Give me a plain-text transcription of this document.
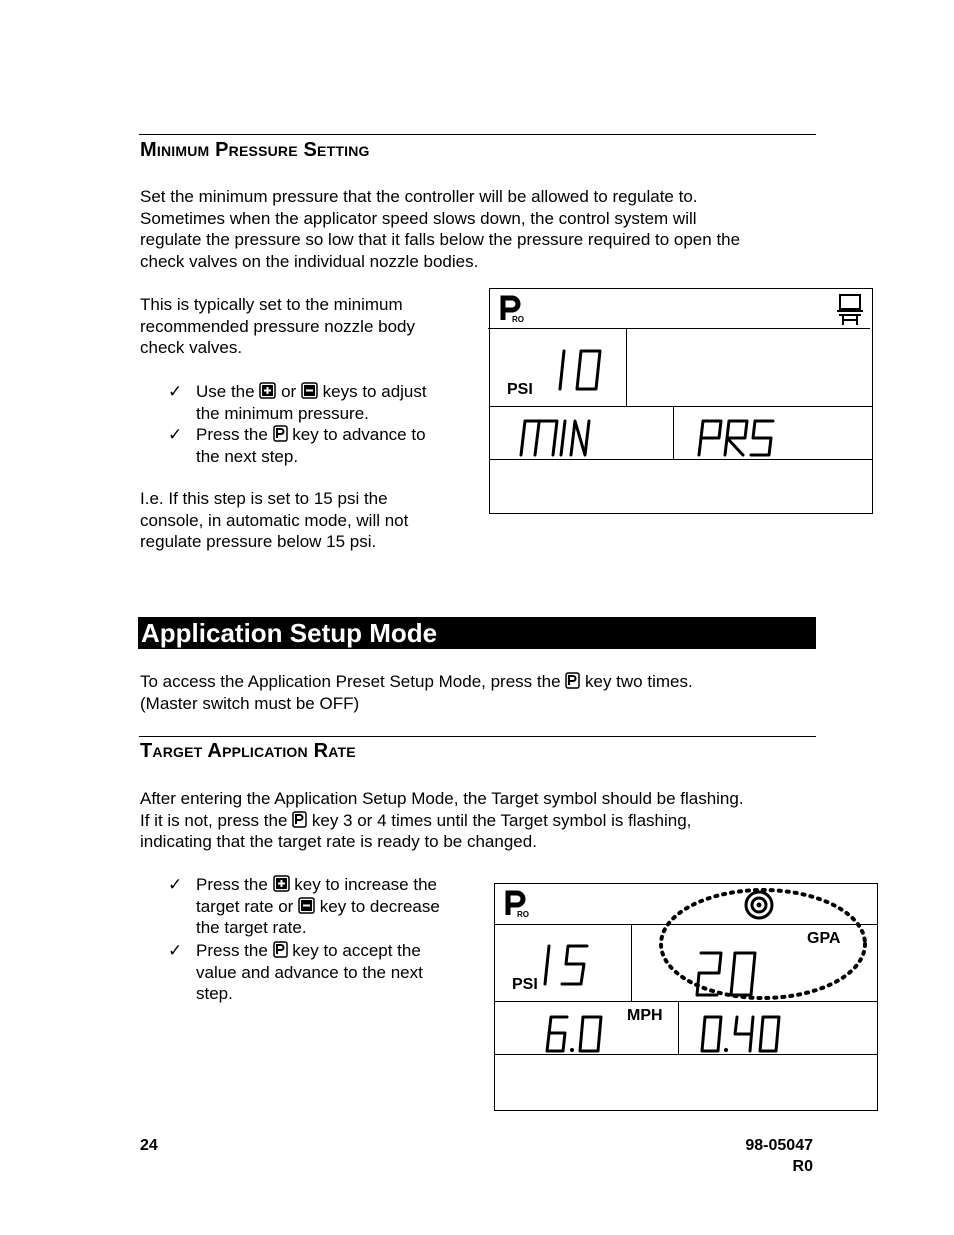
Minimum Pressure Setting
Set the minimum pressure that the controller will be allowed to regulate to.
Sometimes when the applicator speed slows down, the control system will
regulate the pressure so low that it falls below the pressure required to open the
check valves on the individual nozzle bodies.
This is typically set to the minimum
recommended pressure nozzle body
check valves.
✓ Use the or keys to adjust
the minimum pressure.
✓ Press the key to advance to
the next step.
I.e. If this step is set to 15 psi the
console, in automatic mode, will not
regulate pressure below 15 psi.
RO
PSI
Application Setup Mode
To access the Application Preset Setup Mode, press the key two times.
(Master switch must be OFF)
Target Application Rate
After entering the Application Setup Mode, the Target symbol should be flashing.
If it is not, press the key 3 or 4 times until the Target symbol is flashing,
indicating that the target rate is ready to be changed.
✓ Press the key to increase the
target rate or key to decrease
the target rate.
✓ Press the key to accept the
value and advance to the next
step.
RO
PSI
GPA
MPH
24	98-05047
R0
